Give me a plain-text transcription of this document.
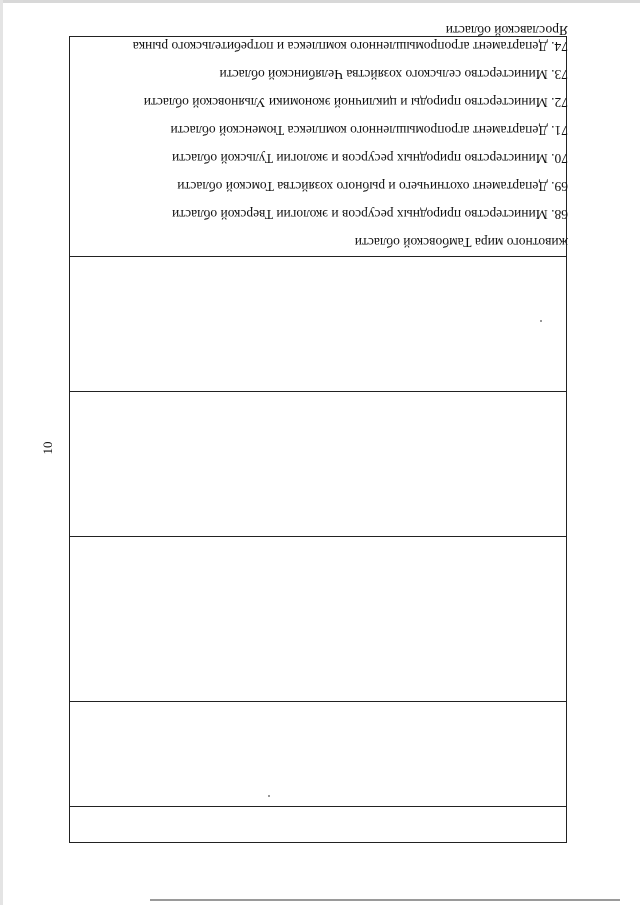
10
животного мира Тамбовской области
68. Министерство природных ресурсов и экологии Тверской области
69. Департамент охотничьего и рыбного хозяйства Томской области
70. Министерство природных ресурсов и экологии Тульской области
71. Департамент агропромышленного комплекса Тюменской области
72. Министерство природы и цикличной экономики Ульяновской области
73. Министерство сельского хозяйства Челябинской области
74. Департамент агропромышленного комплекса и потребительского рынка Ярославской области
